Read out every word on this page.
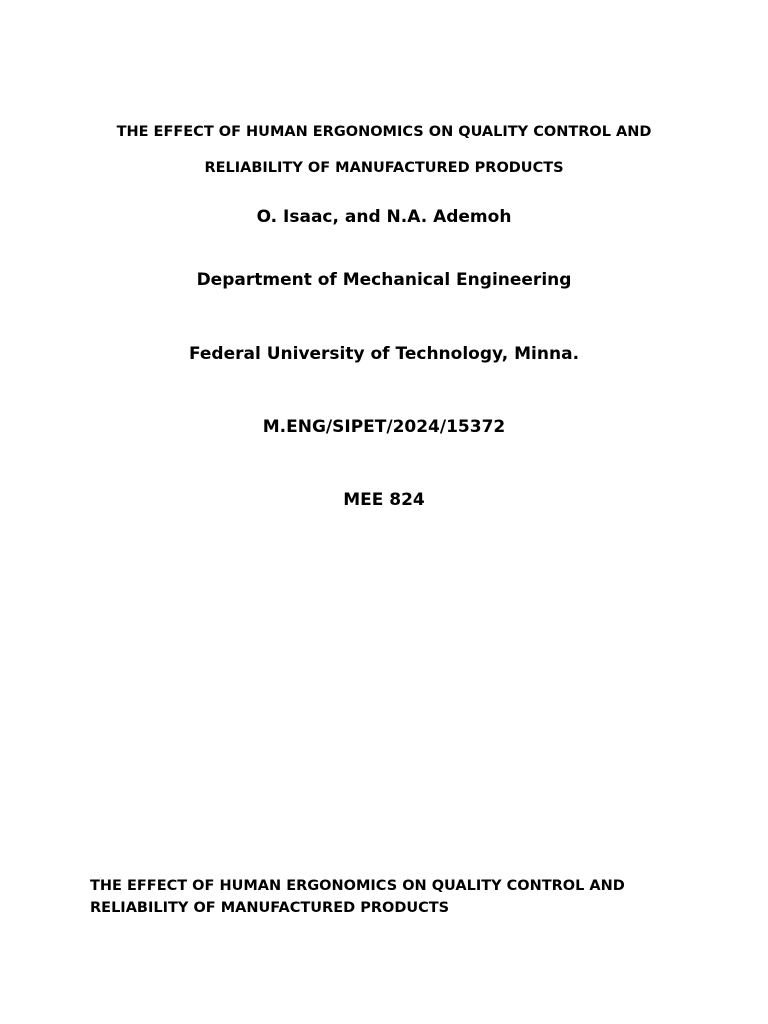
THE EFFECT OF HUMAN ERGONOMICS ON QUALITY CONTROL AND
RELIABILITY OF MANUFACTURED PRODUCTS
O. Isaac, and N.A. Ademoh
Department of Mechanical Engineering
Federal University of Technology, Minna.
M.ENG/SIPET/2024/15372
MEE 824
THE EFFECT OF HUMAN ERGONOMICS ON QUALITY CONTROL AND
RELIABILITY OF MANUFACTURED PRODUCTS
